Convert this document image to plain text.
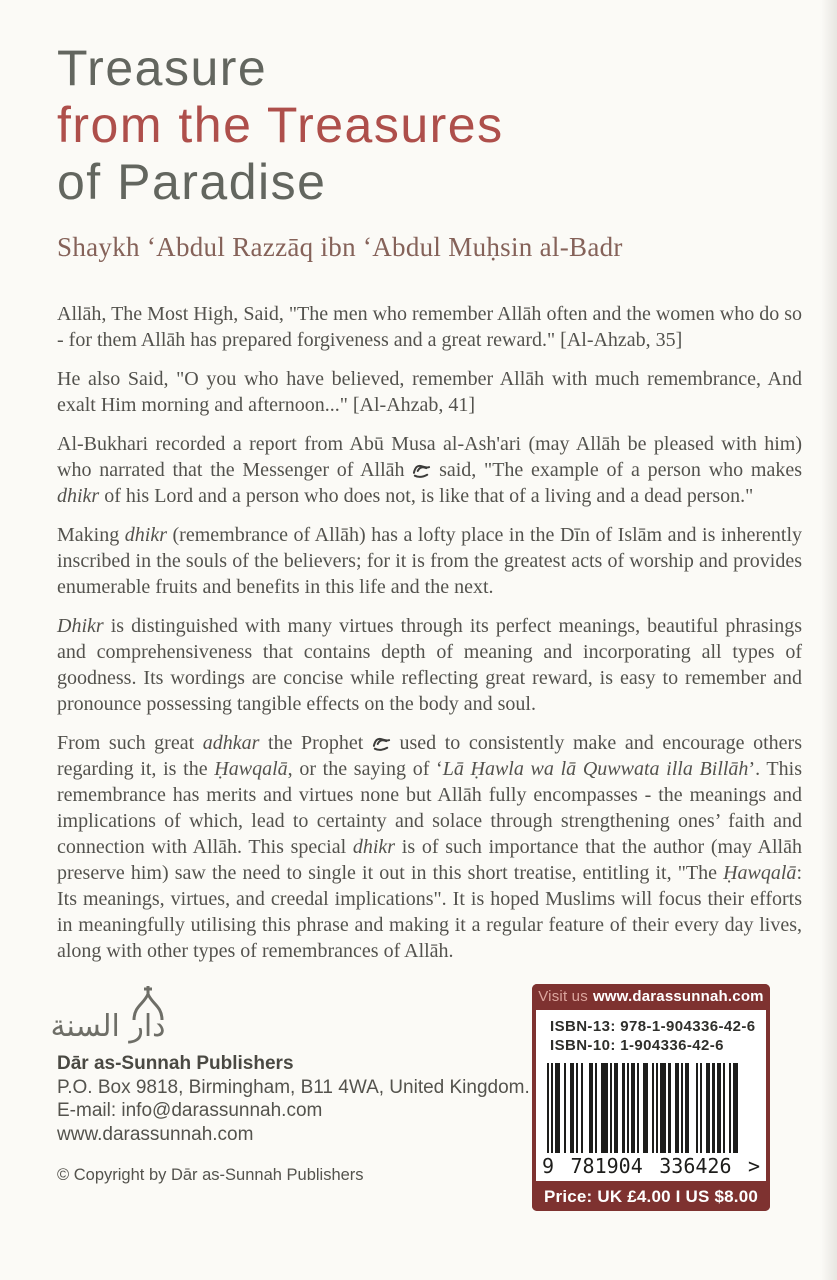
Treasure
from the Treasures
of Paradise
Shaykh ‘Abdul Razzāq ibn ‘Abdul Muḥsin al-Badr

Allāh, The Most High, Said, "The men who remember Allāh often and the women who do so - for them Allāh has prepared forgiveness and a great reward." [Al-Ahzab, 35]

He also Said, "O you who have believed, remember Allāh with much remembrance, And exalt Him morning and afternoon..." [Al-Ahzab, 41]

Al-Bukhari recorded a report from Abū Musa al-Ash'ari (may Allāh be pleased with him) who narrated that the Messenger of Allāh
said, "The example of a person who makes dhikr of his Lord and a person who does not, is like that of a living and a dead person."

Making dhikr (remembrance of Allāh) has a lofty place in the Dīn of Islām and is inherently inscribed in the souls of the believers; for it is from the greatest acts of worship and provides enumerable fruits and benefits in this life and the next.

Dhikr is distinguished with many virtues through its perfect meanings, beautiful phrasings and comprehensiveness that contains depth of meaning and incorporating all types of goodness. Its wordings are concise while reflecting great reward, is easy to remember and pronounce possessing tangible effects on the body and soul.

From such great adhkar the Prophet
used to consistently make and encourage others regarding it, is the Ḥawqalā, or the saying of ‘Lā Ḥawla wa lā Quwwata illa Billāh’. This remembrance has merits and virtues none but Allāh fully encompasses - the meanings and implications of which, lead to certainty and solace through strengthening ones’ faith and connection with Allāh. This special dhikr is of such importance that the author (may Allāh preserve him) saw the need to single it out in this short treatise, entitling it, "The Ḥawqalā: Its meanings, virtues, and creedal implications". It is hoped Muslims will focus their efforts in meaningfully utilising this phrase and making it a regular feature of their every day lives, along with other types of remembrances of Allāh.

دار السنة
Dār as-Sunnah Publishers
P.O. Box 9818, Birmingham, B11 4WA, United Kingdom.
E-mail: info@darassunnah.com
www.darassunnah.com
© Copyright by Dār as-Sunnah Publishers
Visit us www.darassunnah.com
ISBN-13: 978-1-904336-42-6
ISBN-10: 1-904336-42-6
9 781904 336426 >
Price: UK £4.00 I US $8.00
